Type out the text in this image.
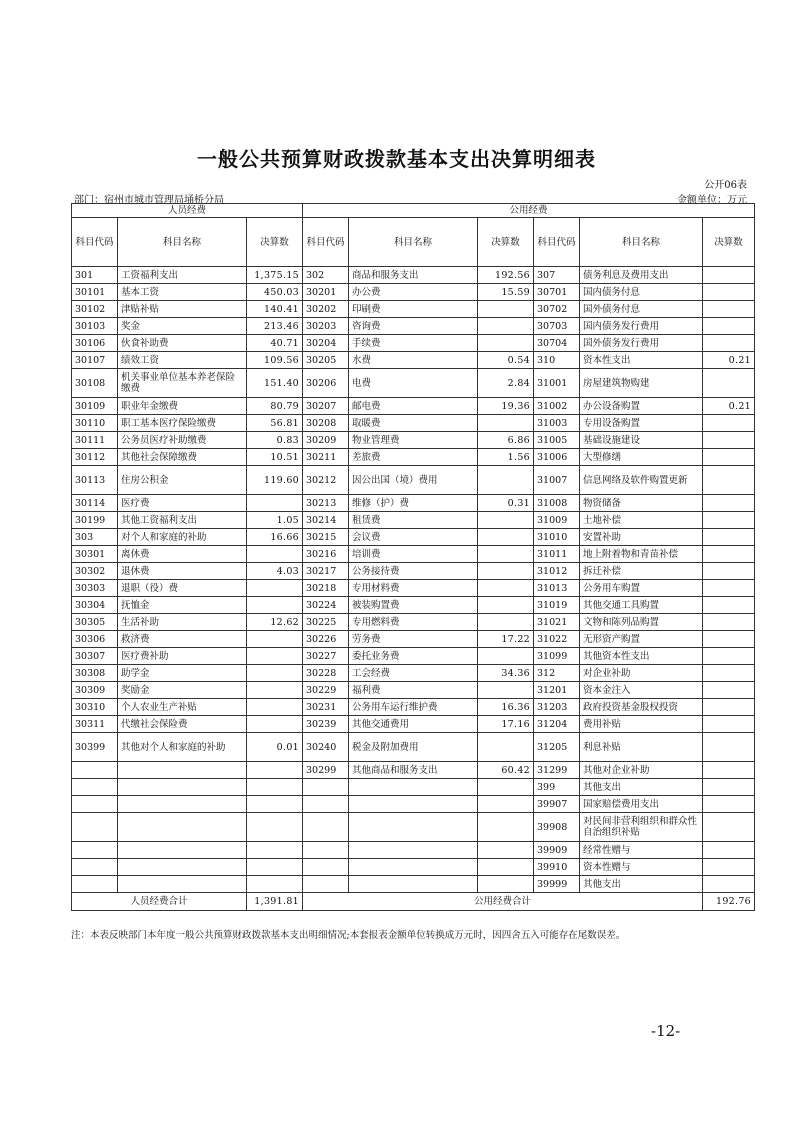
一般公共预算财政拨款基本支出决算明细表
公开06表
部门：宿州市城市管理局埇桥分局	金额单位：万元
人员经费			公用经费					
科目代码	科目名称	决算数	科目代码	科目名称	决算数	科目代码	科目名称	决算数
301	工资福利支出	1,375.15	302	商品和服务支出	192.56	307	债务利息及费用支出	
30101	基本工资	450.03	30201	办公费	15.59	30701	国内债务付息	
30102	津贴补贴	140.41	30202	印刷费		30702	国外债务付息	
30103	奖金	213.46	30203	咨询费		30703	国内债务发行费用	
30106	伙食补助费	40.71	30204	手续费		30704	国外债务发行费用	
30107	绩效工资	109.56	30205	水费	0.54	310	资本性支出	0.21
30108	机关事业单位基本养老保险缴费	151.40	30206	电费	2.84	31001	房屋建筑物购建	
30109	职业年金缴费	80.79	30207	邮电费	19.36	31002	办公设备购置	0.21
30110	职工基本医疗保险缴费	56.81	30208	取暖费		31003	专用设备购置	
30111	公务员医疗补助缴费	0.83	30209	物业管理费	6.86	31005	基础设施建设	
30112	其他社会保障缴费	10.51	30211	差旅费	1.56	31006	大型修缮	
30113	住房公积金	119.60	30212	因公出国（境）费用		31007	信息网络及软件购置更新	
30114	医疗费		30213	维修（护）费	0.31	31008	物资储备	
30199	其他工资福利支出	1.05	30214	租赁费		31009	土地补偿	
303	对个人和家庭的补助	16.66	30215	会议费		31010	安置补助	
30301	离休费		30216	培训费		31011	地上附着物和青苗补偿	
30302	退休费	4.03	30217	公务接待费		31012	拆迁补偿	
30303	退职（役）费		30218	专用材料费		31013	公务用车购置	
30304	抚恤金		30224	被装购置费		31019	其他交通工具购置	
30305	生活补助	12.62	30225	专用燃料费		31021	文物和陈列品购置	
30306	救济费		30226	劳务费	17.22	31022	无形资产购置	
30307	医疗费补助		30227	委托业务费		31099	其他资本性支出	
30308	助学金		30228	工会经费	34.36	312	对企业补助	
30309	奖励金		30229	福利费		31201	资本金注入	
30310	个人农业生产补贴		30231	公务用车运行维护费	16.36	31203	政府投资基金股权投资	
30311	代缴社会保险费		30239	其他交通费用	17.16	31204	费用补贴	
30399	其他对个人和家庭的补助	0.01	30240	税金及附加费用		31205	利息补贴	
			30299	其他商品和服务支出	60.42	31299	其他对企业补助	
						399	其他支出	
						39907	国家赔偿费用支出	
						39908	对民间非营利组织和群众性自治组织补贴	
						39909	经常性赠与	
						39910	资本性赠与	
						39999	其他支出	
人员经费合计		1,391.81	公用经费合计					192.76
注：本表反映部门本年度一般公共预算财政拨款基本支出明细情况;本套报表金额单位转换成万元时，因四舍五入可能存在尾数误差。
-12-
